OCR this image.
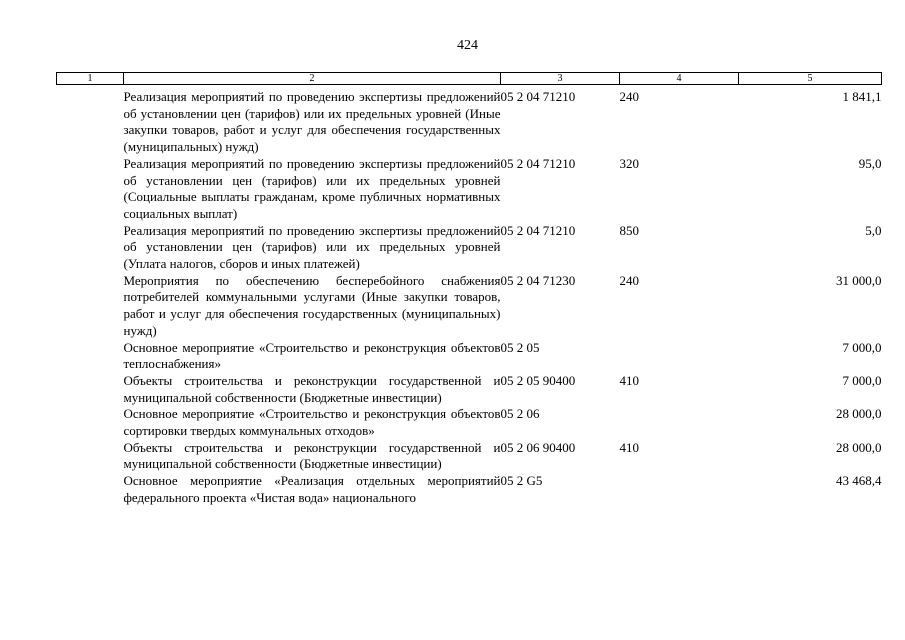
424
1	2	3	4	5
	Реализация мероприятий по проведению экспертизы предложений об установлении цен (тарифов) или их предельных уровней (Иные закупки товаров, работ и услуг для обеспечения государственных (муниципальных) нужд)	05 2 04 71210	240	1 841,1
	Реализация мероприятий по проведению экспертизы предложений об установлении цен (тарифов) или их предельных уровней (Социальные выплаты гражданам, кроме публичных нормативных социальных выплат)	05 2 04 71210	320	95,0
	Реализация мероприятий по проведению экспертизы предложений об установлении цен (тарифов) или их предельных уровней (Уплата налогов, сборов и иных платежей)	05 2 04 71210	850	5,0
	Мероприятия по обеспечению бесперебойного снабжения потребителей коммунальными услугами (Иные закупки товаров, работ и услуг для обеспечения государственных (муниципальных) нужд)	05 2 04 71230	240	31 000,0
	Основное мероприятие «Строительство и реконструкция объектов теплоснабжения»	05 2 05		7 000,0
	Объекты строительства и реконструкции государственной и муниципальной собственности (Бюджетные инвестиции)	05 2 05 90400	410	7 000,0
	Основное мероприятие «Строительство и реконструкция объектов сортировки твердых коммунальных отходов»	05 2 06		28 000,0
	Объекты строительства и реконструкции государственной и муниципальной собственности (Бюджетные инвестиции)	05 2 06 90400	410	28 000,0
	Основное мероприятие «Реализация отдельных мероприятий федерального проекта «Чистая вода» национального	05 2 G5		43 468,4
